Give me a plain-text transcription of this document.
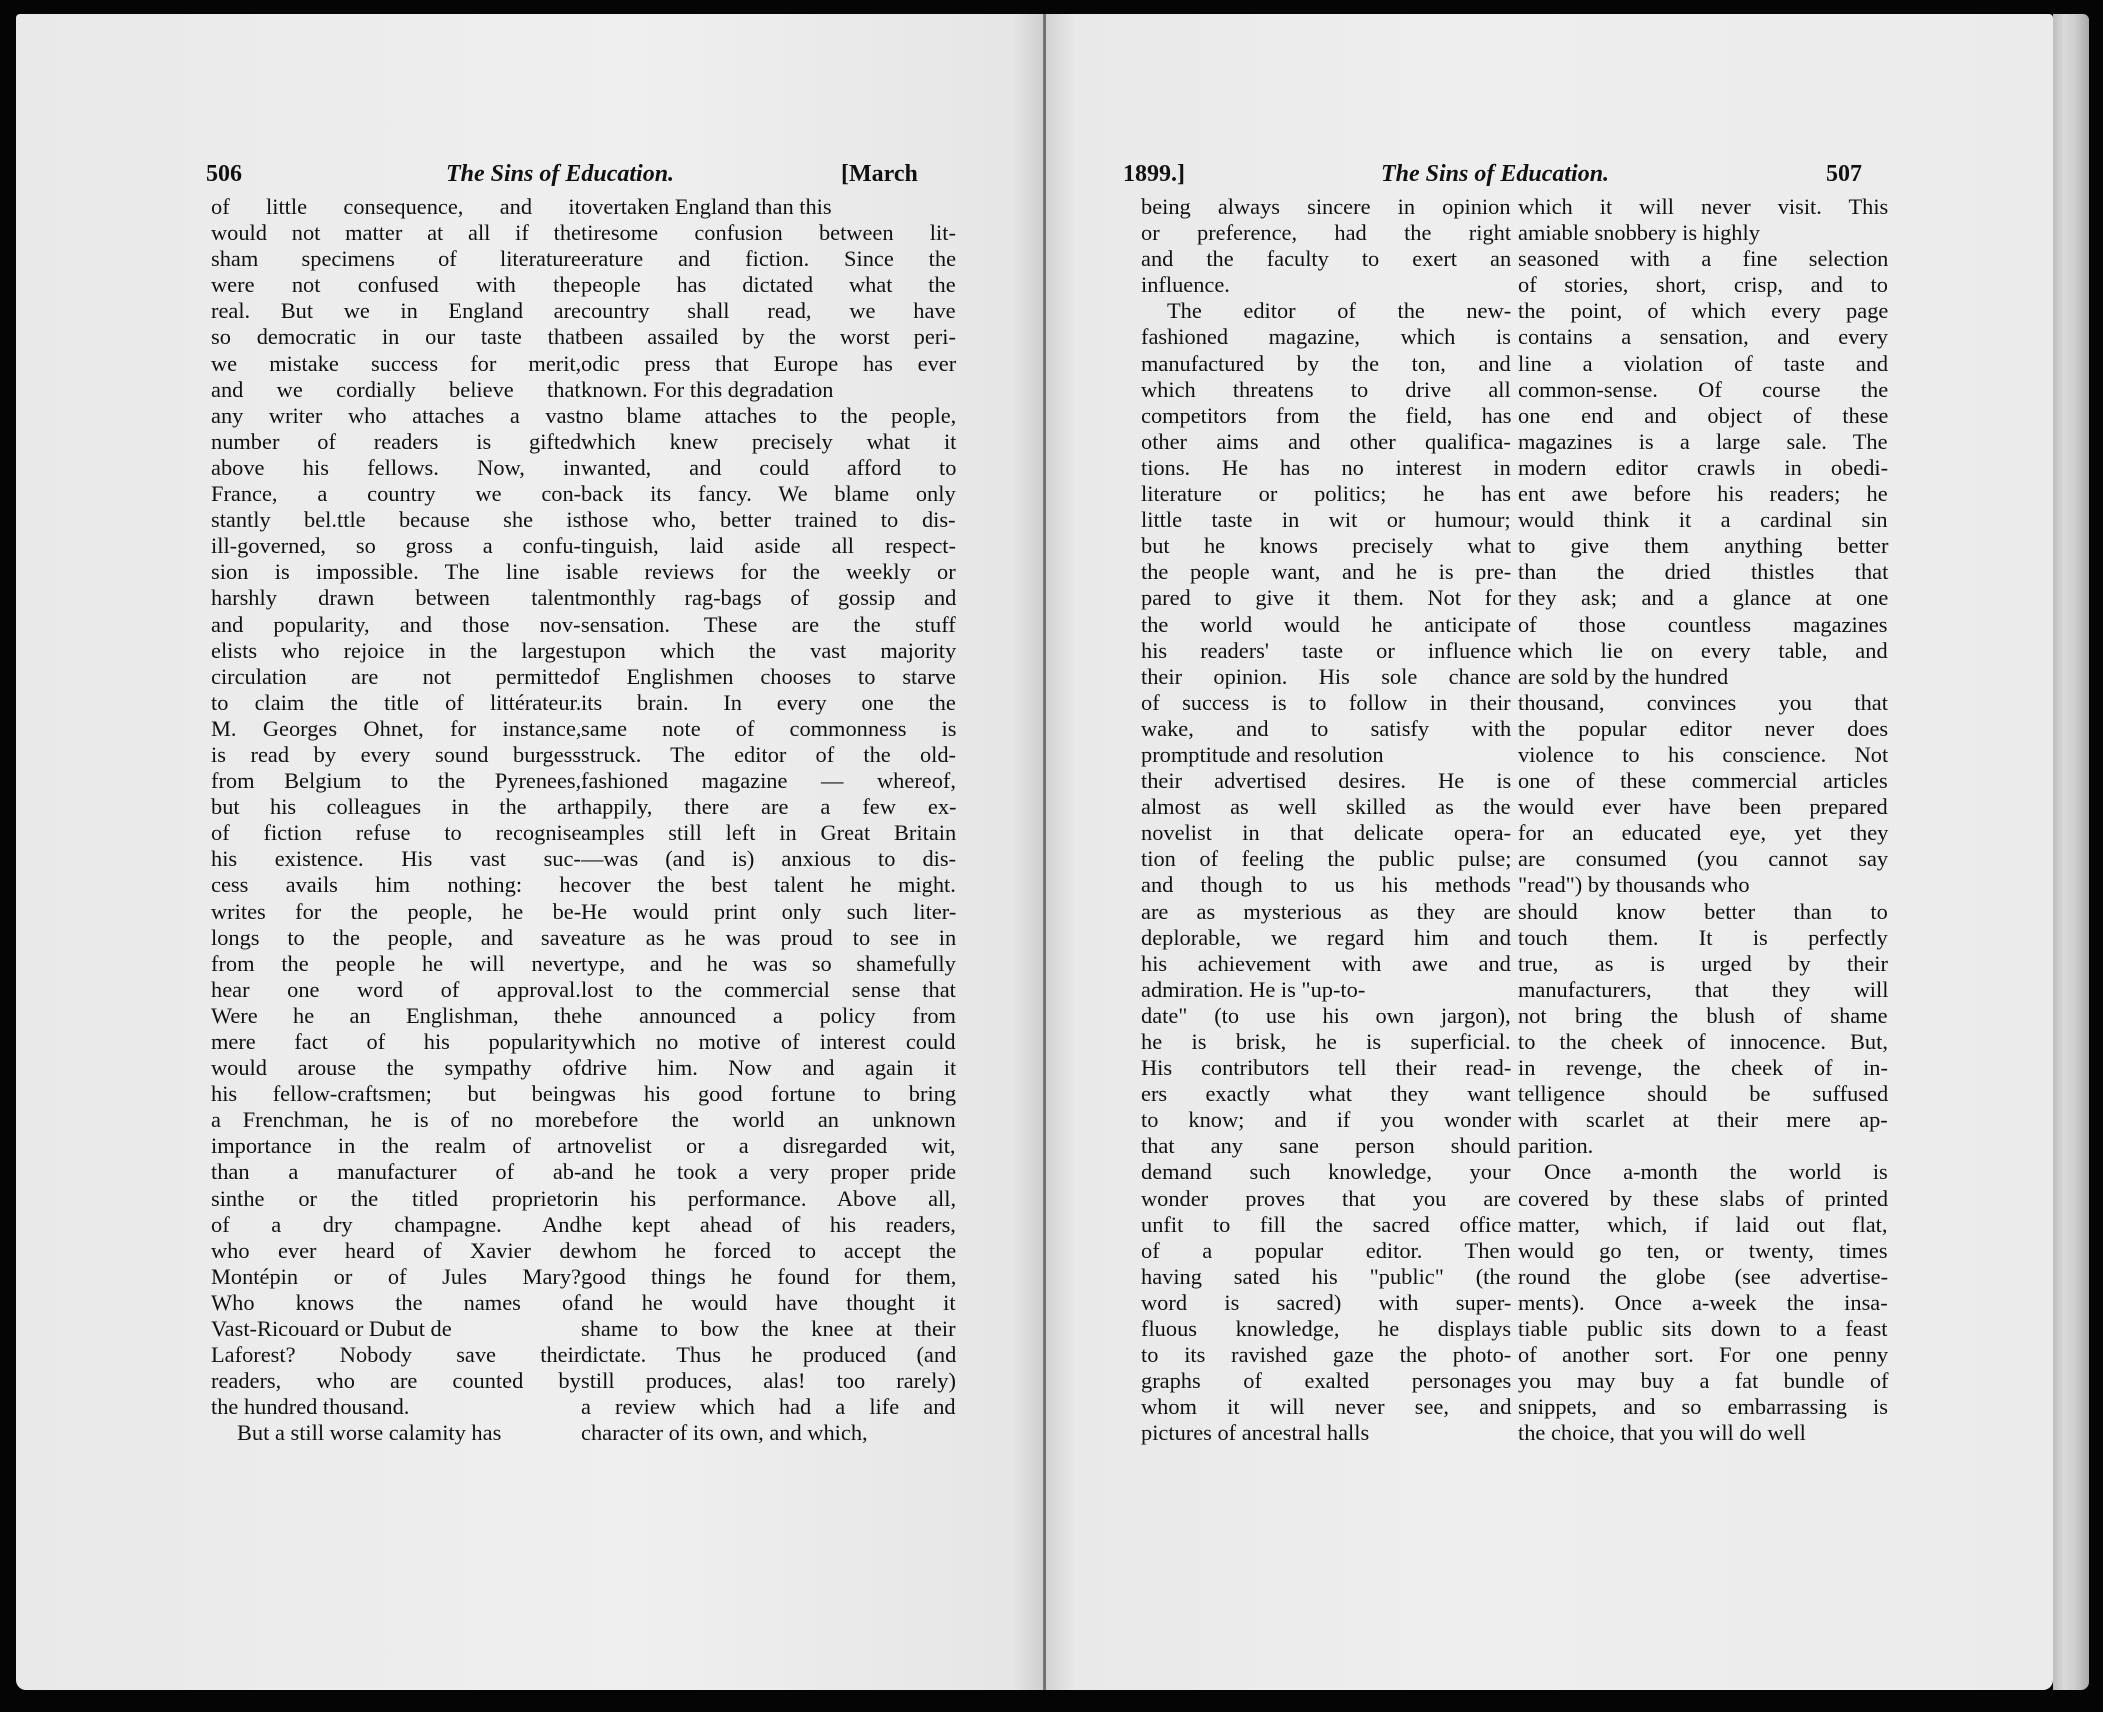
506	The Sins of Education.	[March
of little consequence, and it
would not matter at all if the
sham specimens of literature
were not confused with the
real. But we in England are
so democratic in our taste that
we mistake success for merit,
and we cordially believe that
any writer who attaches a vast
number of readers is gifted
above his fellows. Now, in
France, a country we con-
stantly bel.ttle because she is
ill-governed, so gross a confu-
sion is impossible. The line is
harshly drawn between talent
and popularity, and those nov-
elists who rejoice in the largest
circulation are not permitted
to claim the title of littérateur.
M. Georges Ohnet, for instance,
is read by every sound burgess
from Belgium to the Pyrenees,
but his colleagues in the art
of fiction refuse to recognise
his existence. His vast suc-
cess avails him nothing: he
writes for the people, he be-
longs to the people, and save
from the people he will never
hear one word of approval.
Were he an Englishman, the
mere fact of his popularity
would arouse the sympathy of
his fellow-craftsmen; but being
a Frenchman, he is of no more
importance in the realm of art
than a manufacturer of ab-
sinthe or the titled proprietor
of a dry champagne. And
who ever heard of Xavier de
Montépin or of Jules Mary?
Who knows the names of
Vast-Ricouard or Dubut de
Laforest? Nobody save their
readers, who are counted by
the hundred thousand.
But a still worse calamity has
overtaken England than this
tiresome confusion between lit-
erature and fiction. Since the
people has dictated what the
country shall read, we have
been assailed by the worst peri-
odic press that Europe has ever
known. For this degradation
no blame attaches to the people,
which knew precisely what it
wanted, and could afford to
back its fancy. We blame only
those who, better trained to dis-
tinguish, laid aside all respect-
able reviews for the weekly or
monthly rag-bags of gossip and
sensation. These are the stuff
upon which the vast majority
of Englishmen chooses to starve
its brain. In every one the
same note of commonness is
struck. The editor of the old-
fashioned magazine — whereof,
happily, there are a few ex-
amples still left in Great Britain
—was (and is) anxious to dis-
cover the best talent he might.
He would print only such liter-
ature as he was proud to see in
type, and he was so shamefully
lost to the commercial sense that
he announced a policy from
which no motive of interest could
drive him. Now and again it
was his good fortune to bring
before the world an unknown
novelist or a disregarded wit,
and he took a very proper pride
in his performance. Above all,
he kept ahead of his readers,
whom he forced to accept the
good things he found for them,
and he would have thought it
shame to bow the knee at their
dictate. Thus he produced (and
still produces, alas! too rarely)
a review which had a life and
character of its own, and which,
1899.]	The Sins of Education.	507
being always sincere in opinion
or preference, had the right
and the faculty to exert an
influence.
The editor of the new-
fashioned magazine, which is
manufactured by the ton, and
which threatens to drive all
competitors from the field, has
other aims and other qualifica-
tions. He has no interest in
literature or politics; he has
little taste in wit or humour;
but he knows precisely what
the people want, and he is pre-
pared to give it them. Not for
the world would he anticipate
his readers' taste or influence
their opinion. His sole chance
of success is to follow in their
wake, and to satisfy with
promptitude and resolution
their advertised desires. He is
almost as well skilled as the
novelist in that delicate opera-
tion of feeling the public pulse;
and though to us his methods
are as mysterious as they are
deplorable, we regard him and
his achievement with awe and
admiration. He is "up-to-
date" (to use his own jargon),
he is brisk, he is superficial.
His contributors tell their read-
ers exactly what they want
to know; and if you wonder
that any sane person should
demand such knowledge, your
wonder proves that you are
unfit to fill the sacred office
of a popular editor. Then
having sated his "public" (the
word is sacred) with super-
fluous knowledge, he displays
to its ravished gaze the photo-
graphs of exalted personages
whom it will never see, and
pictures of ancestral halls
which it will never visit. This
amiable snobbery is highly
seasoned with a fine selection
of stories, short, crisp, and to
the point, of which every page
contains a sensation, and every
line a violation of taste and
common-sense. Of course the
one end and object of these
magazines is a large sale. The
modern editor crawls in obedi-
ent awe before his readers; he
would think it a cardinal sin
to give them anything better
than the dried thistles that
they ask; and a glance at one
of those countless magazines
which lie on every table, and
are sold by the hundred
thousand, convinces you that
the popular editor never does
violence to his conscience. Not
one of these commercial articles
would ever have been prepared
for an educated eye, yet they
are consumed (you cannot say
"read") by thousands who
should know better than to
touch them. It is perfectly
true, as is urged by their
manufacturers, that they will
not bring the blush of shame
to the cheek of innocence. But,
in revenge, the cheek of in-
telligence should be suffused
with scarlet at their mere ap-
parition.
Once a-month the world is
covered by these slabs of printed
matter, which, if laid out flat,
would go ten, or twenty, times
round the globe (see advertise-
ments). Once a-week the insa-
tiable public sits down to a feast
of another sort. For one penny
you may buy a fat bundle of
snippets, and so embarrassing is
the choice, that you will do well
